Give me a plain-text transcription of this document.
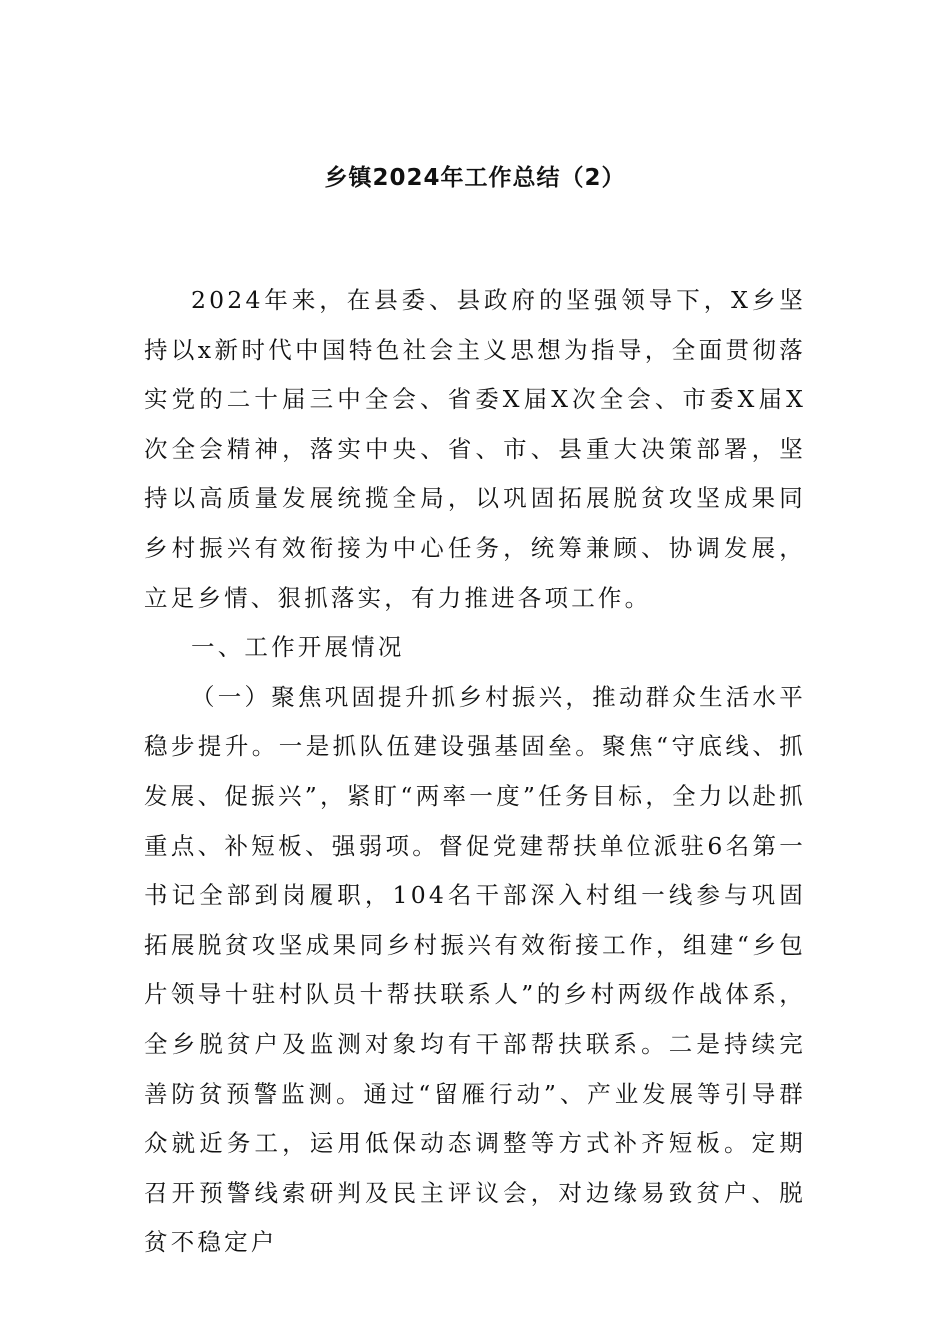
乡镇2024年工作总结（2）

2024年来，在县委、县政府的坚强领导下，X乡坚持以x新时代中国特色社会主义思想为指导，全面贯彻落实党的二十届三中全会、省委X届X次全会、市委X届X次全会精神，落实中央、省、市、县重大决策部署，坚持以高质量发展统揽全局，以巩固拓展脱贫攻坚成果同乡村振兴有效衔接为中心任务，统筹兼顾、协调发展，立足乡情、狠抓落实，有力推进各项工作。

一、工作开展情况

（一）聚焦巩固提升抓乡村振兴，推动群众生活水平稳步提升。一是抓队伍建设强基固垒。聚焦“守底线、抓发展、促振兴”，紧盯“两率一度”任务目标，全力以赴抓重点、补短板、强弱项。督促党建帮扶单位派驻6名第一书记全部到岗履职，104名干部深入村组一线参与巩固拓展脱贫攻坚成果同乡村振兴有效衔接工作，组建“乡包片领导十驻村队员十帮扶联系人”的乡村两级作战体系，全乡脱贫户及监测对象均有干部帮扶联系。二是持续完善防贫预警监测。通过“留雁行动”、产业发展等引导群众就近务工，运用低保动态调整等方式补齐短板。定期召开预警线索研判及民主评议会，对边缘易致贫户、脱贫不稳定户
